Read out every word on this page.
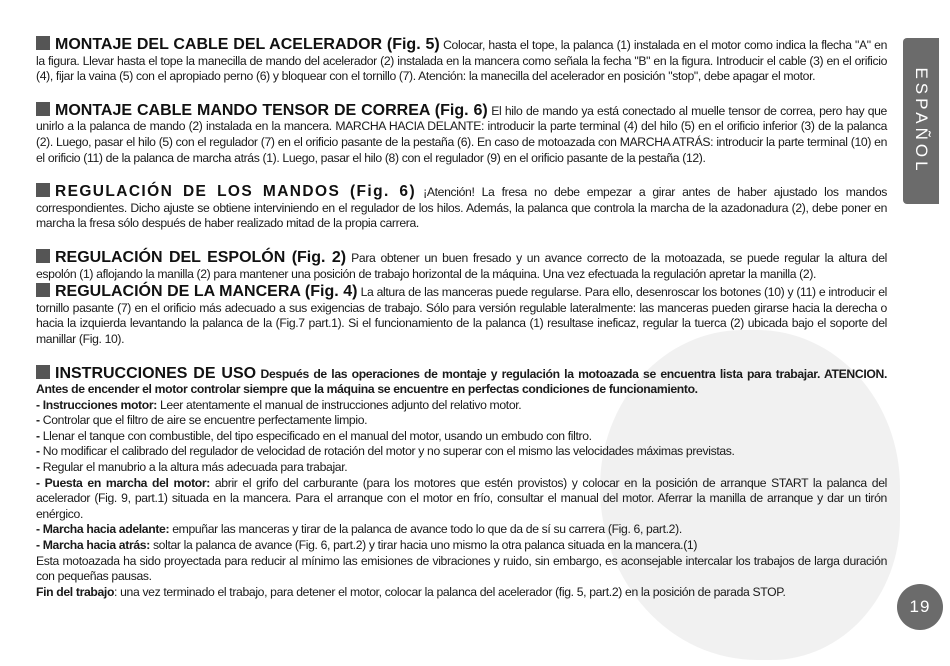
MONTAJE DEL CABLE DEL ACELERADOR (Fig. 5) Colocar, hasta el tope, la palanca (1) instalada en el motor como indica la flecha "A" en la figura. Llevar hasta el tope la manecilla de mando del acelerador (2) instalada en la mancera como señala la fecha "B" en la figura. Introducir el cable (3) en el orificio (4), fijar la vaina (5) con el apropiado perno (6) y bloquear con el tornillo (7). Atención: la manecilla del acelerador en posición "stop", debe apagar el motor.

MONTAJE CABLE MANDO TENSOR DE CORREA (Fig. 6) El hilo de mando ya está conectado al muelle tensor de correa, pero hay que unirlo a la palanca de mando (2) instalada en la mancera. MARCHA HACIA DELANTE: introducir la parte terminal (4) del hilo (5) en el orificio inferior (3) de la palanca (2). Luego, pasar el hilo (5) con el regulador (7) en el orificio pasante de la pestaña (6). En caso de motoazada con MARCHA ATRÁS: introducir la parte terminal (10) en el orificio (11) de la palanca de marcha atrás (1). Luego, pasar el hilo (8) con el regulador (9) en el orificio pasante de la pestaña (12).

REGULACIÓN DE LOS MANDOS (Fig. 6) ¡Atención! La fresa no debe empezar a girar antes de haber ajustado los mandos correspondientes. Dicho ajuste se obtiene interviniendo en el regulador de los hilos. Además, la palanca que controla la marcha de la azadonadura (2), debe poner en marcha la fresa sólo después de haber realizado mitad de la propia carrera.

REGULACIÓN DEL ESPOLÓN (Fig. 2) Para obtener un buen fresado y un avance correcto de la motoazada, se puede regular la altura del espolón (1) aflojando la manilla (2) para mantener una posición de trabajo horizontal de la máquina. Una vez efectuada la regulación apretar la manilla (2).

REGULACIÓN DE LA MANCERA (Fig. 4) La altura de las manceras puede regularse. Para ello, desenroscar los botones (10) y (11) e introducir el tornillo pasante (7) en el orificio más adecuado a sus exigencias de trabajo. Sólo para versión regulable lateralmente: las manceras pueden girarse hacia la derecha o hacia la izquierda levantando la palanca de la (Fig.7 part.1). Si el funcionamiento de la palanca (1) resultase ineficaz, regular la tuerca (2) ubicada bajo el soporte del manillar (Fig. 10).

INSTRUCCIONES DE USO Después de las operaciones de montaje y regulación la motoazada se encuentra lista para trabajar. ATENCION. Antes de encender el motor controlar siempre que la máquina se encuentre en perfectas condiciones de funcionamiento.
- Instrucciones motor: Leer atentamente el manual de instrucciones adjunto del relativo motor.
- Controlar que el filtro de aire se encuentre perfectamente limpio.
- Llenar el tanque con combustible, del tipo especificado en el manual del motor, usando un embudo con filtro.
- No modificar el calibrado del regulador de velocidad de rotación del motor y no superar con el mismo las velocidades máximas previstas.
- Regular el manubrio a la altura más adecuada para trabajar.
- Puesta en marcha del motor: abrir el grifo del carburante (para los motores que estén provistos) y colocar en la posición de arranque START la palanca del acelerador (Fig. 9, part.1) situada en la mancera. Para el arranque con el motor en frío, consultar el manual del motor. Aferrar la manilla de arranque y dar un tirón enérgico.
- Marcha hacia adelante: empuñar las manceras y tirar de la palanca de avance todo lo que da de sí su carrera (Fig. 6, part.2).
- Marcha hacia atrás: soltar la palanca de avance (Fig. 6, part.2) y tirar hacia uno mismo la otra palanca situada en la mancera.(1)
Esta motoazada ha sido proyectada para reducir al mínimo las emisiones de vibraciones y ruido, sin embargo, es aconsejable intercalar los trabajos de larga duración con pequeñas pausas.
Fin del trabajo: una vez terminado el trabajo, para detener el motor, colocar la palanca del acelerador (fig. 5, part.2) en la posición de parada STOP.
ESPAÑOL
19
